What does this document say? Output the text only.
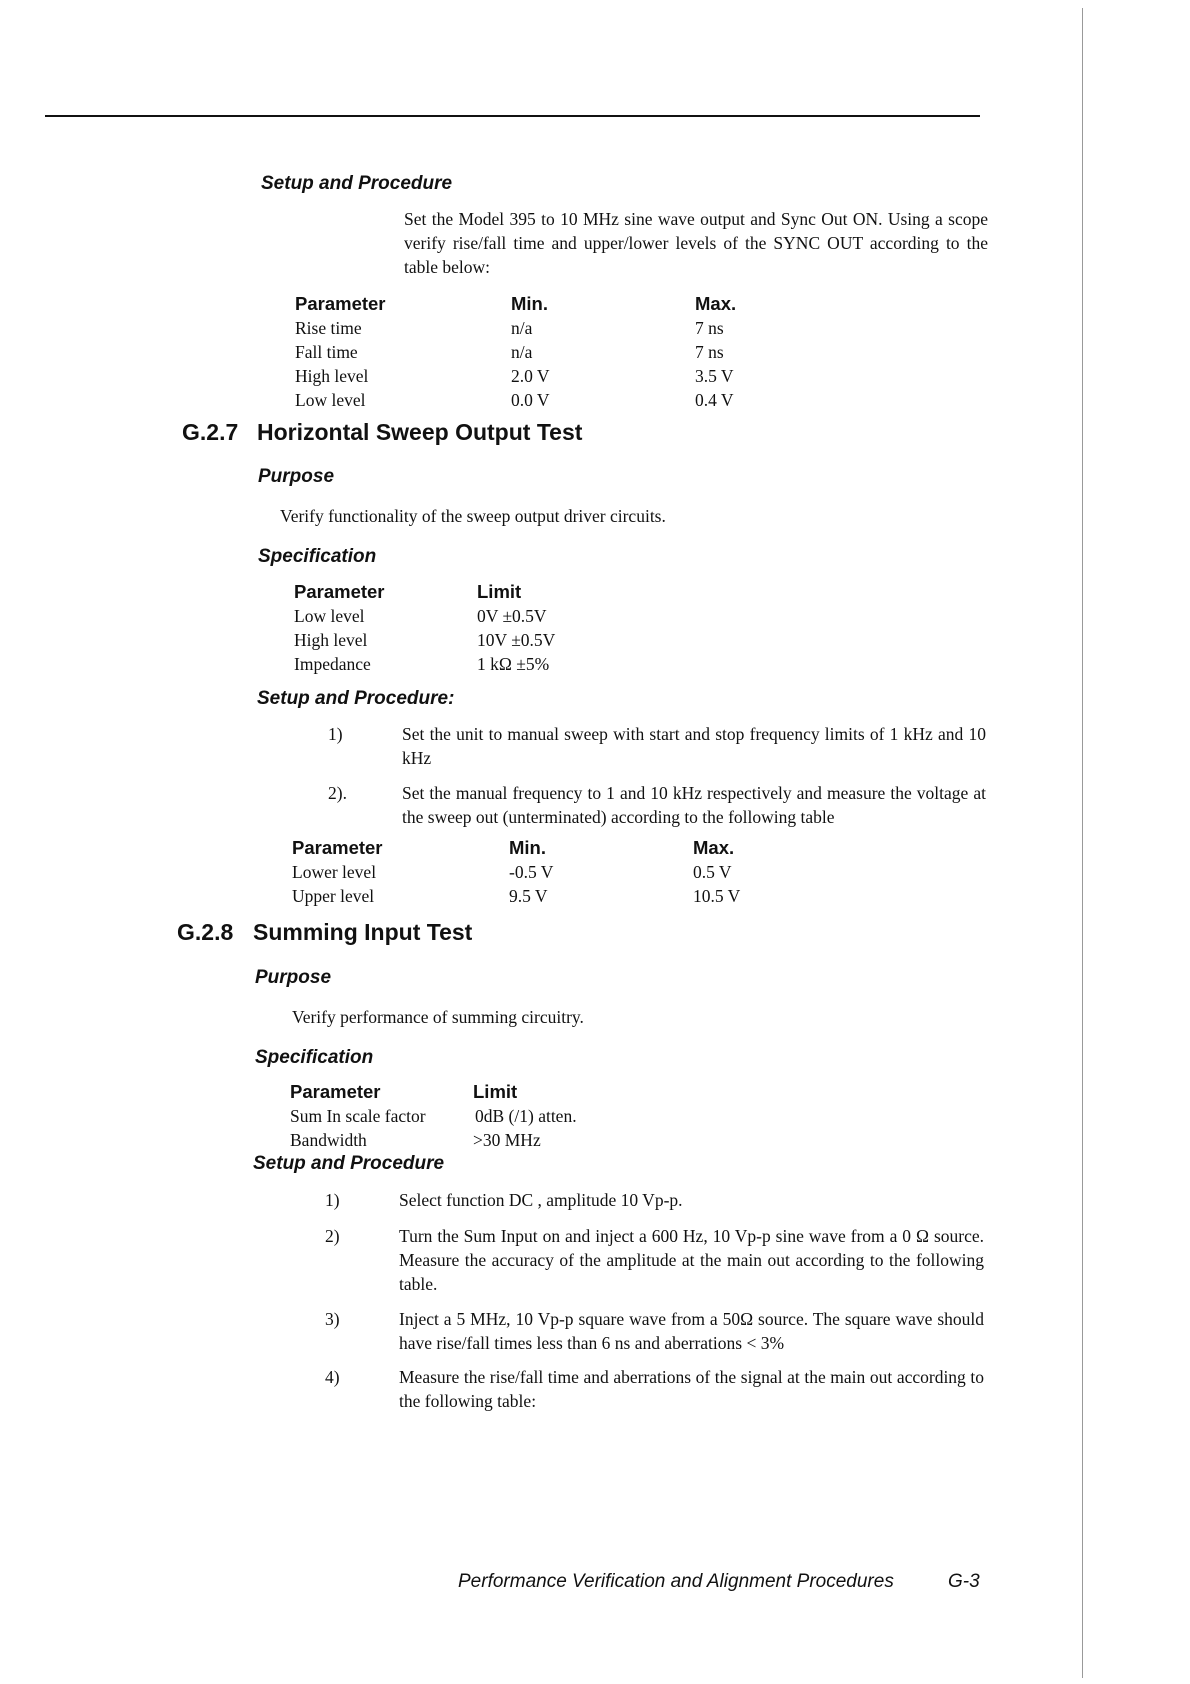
Setup and Procedure
Set the Model 395 to 10 MHz sine wave output and Sync Out ON. Using a scope verify rise/fall time and upper/lower levels of the SYNC OUT according to the table below:
Parameter	Min.	Max.
Rise time	n/a	7 ns
Fall time	n/a	7 ns
High level	2.0 V	3.5 V
Low level	0.0 V	0.4 V
G.2.7 Horizontal Sweep Output Test
Purpose
Verify functionality of the sweep output driver circuits.
Specification
Parameter	Limit
Low level	0V ±0.5V
High level	10V ±0.5V
Impedance	1 kΩ ±5%
Setup and Procedure:
1)	Set the unit to manual sweep with start and stop frequency limits of 1 kHz and 10 kHz
2).	Set the manual frequency to 1 and 10 kHz respectively and measure the voltage at the sweep out (unterminated) according to the following table
Parameter	Min.	Max.
Lower level	-0.5 V	0.5 V
Upper level	9.5 V	10.5 V
G.2.8 Summing Input Test
Purpose
Verify performance of summing circuitry.
Specification
Parameter	Limit
Sum In scale factor	0dB (/1) atten.
Bandwidth	>30 MHz
Setup and Procedure
1)	Select function DC , amplitude 10 Vp-p.
2)	Turn the Sum Input on and inject a 600 Hz, 10 Vp-p sine wave from a 0 Ω source. Measure the accuracy of the amplitude at the main out according to the following table.
3)	Inject a 5 MHz, 10 Vp-p square wave from a 50Ω source. The square wave should have rise/fall times less than 6 ns and aberrations < 3%
4)	Measure the rise/fall time and aberrations of the signal at the main out according to the following table:
Performance Verification and Alignment Procedures	G-3
